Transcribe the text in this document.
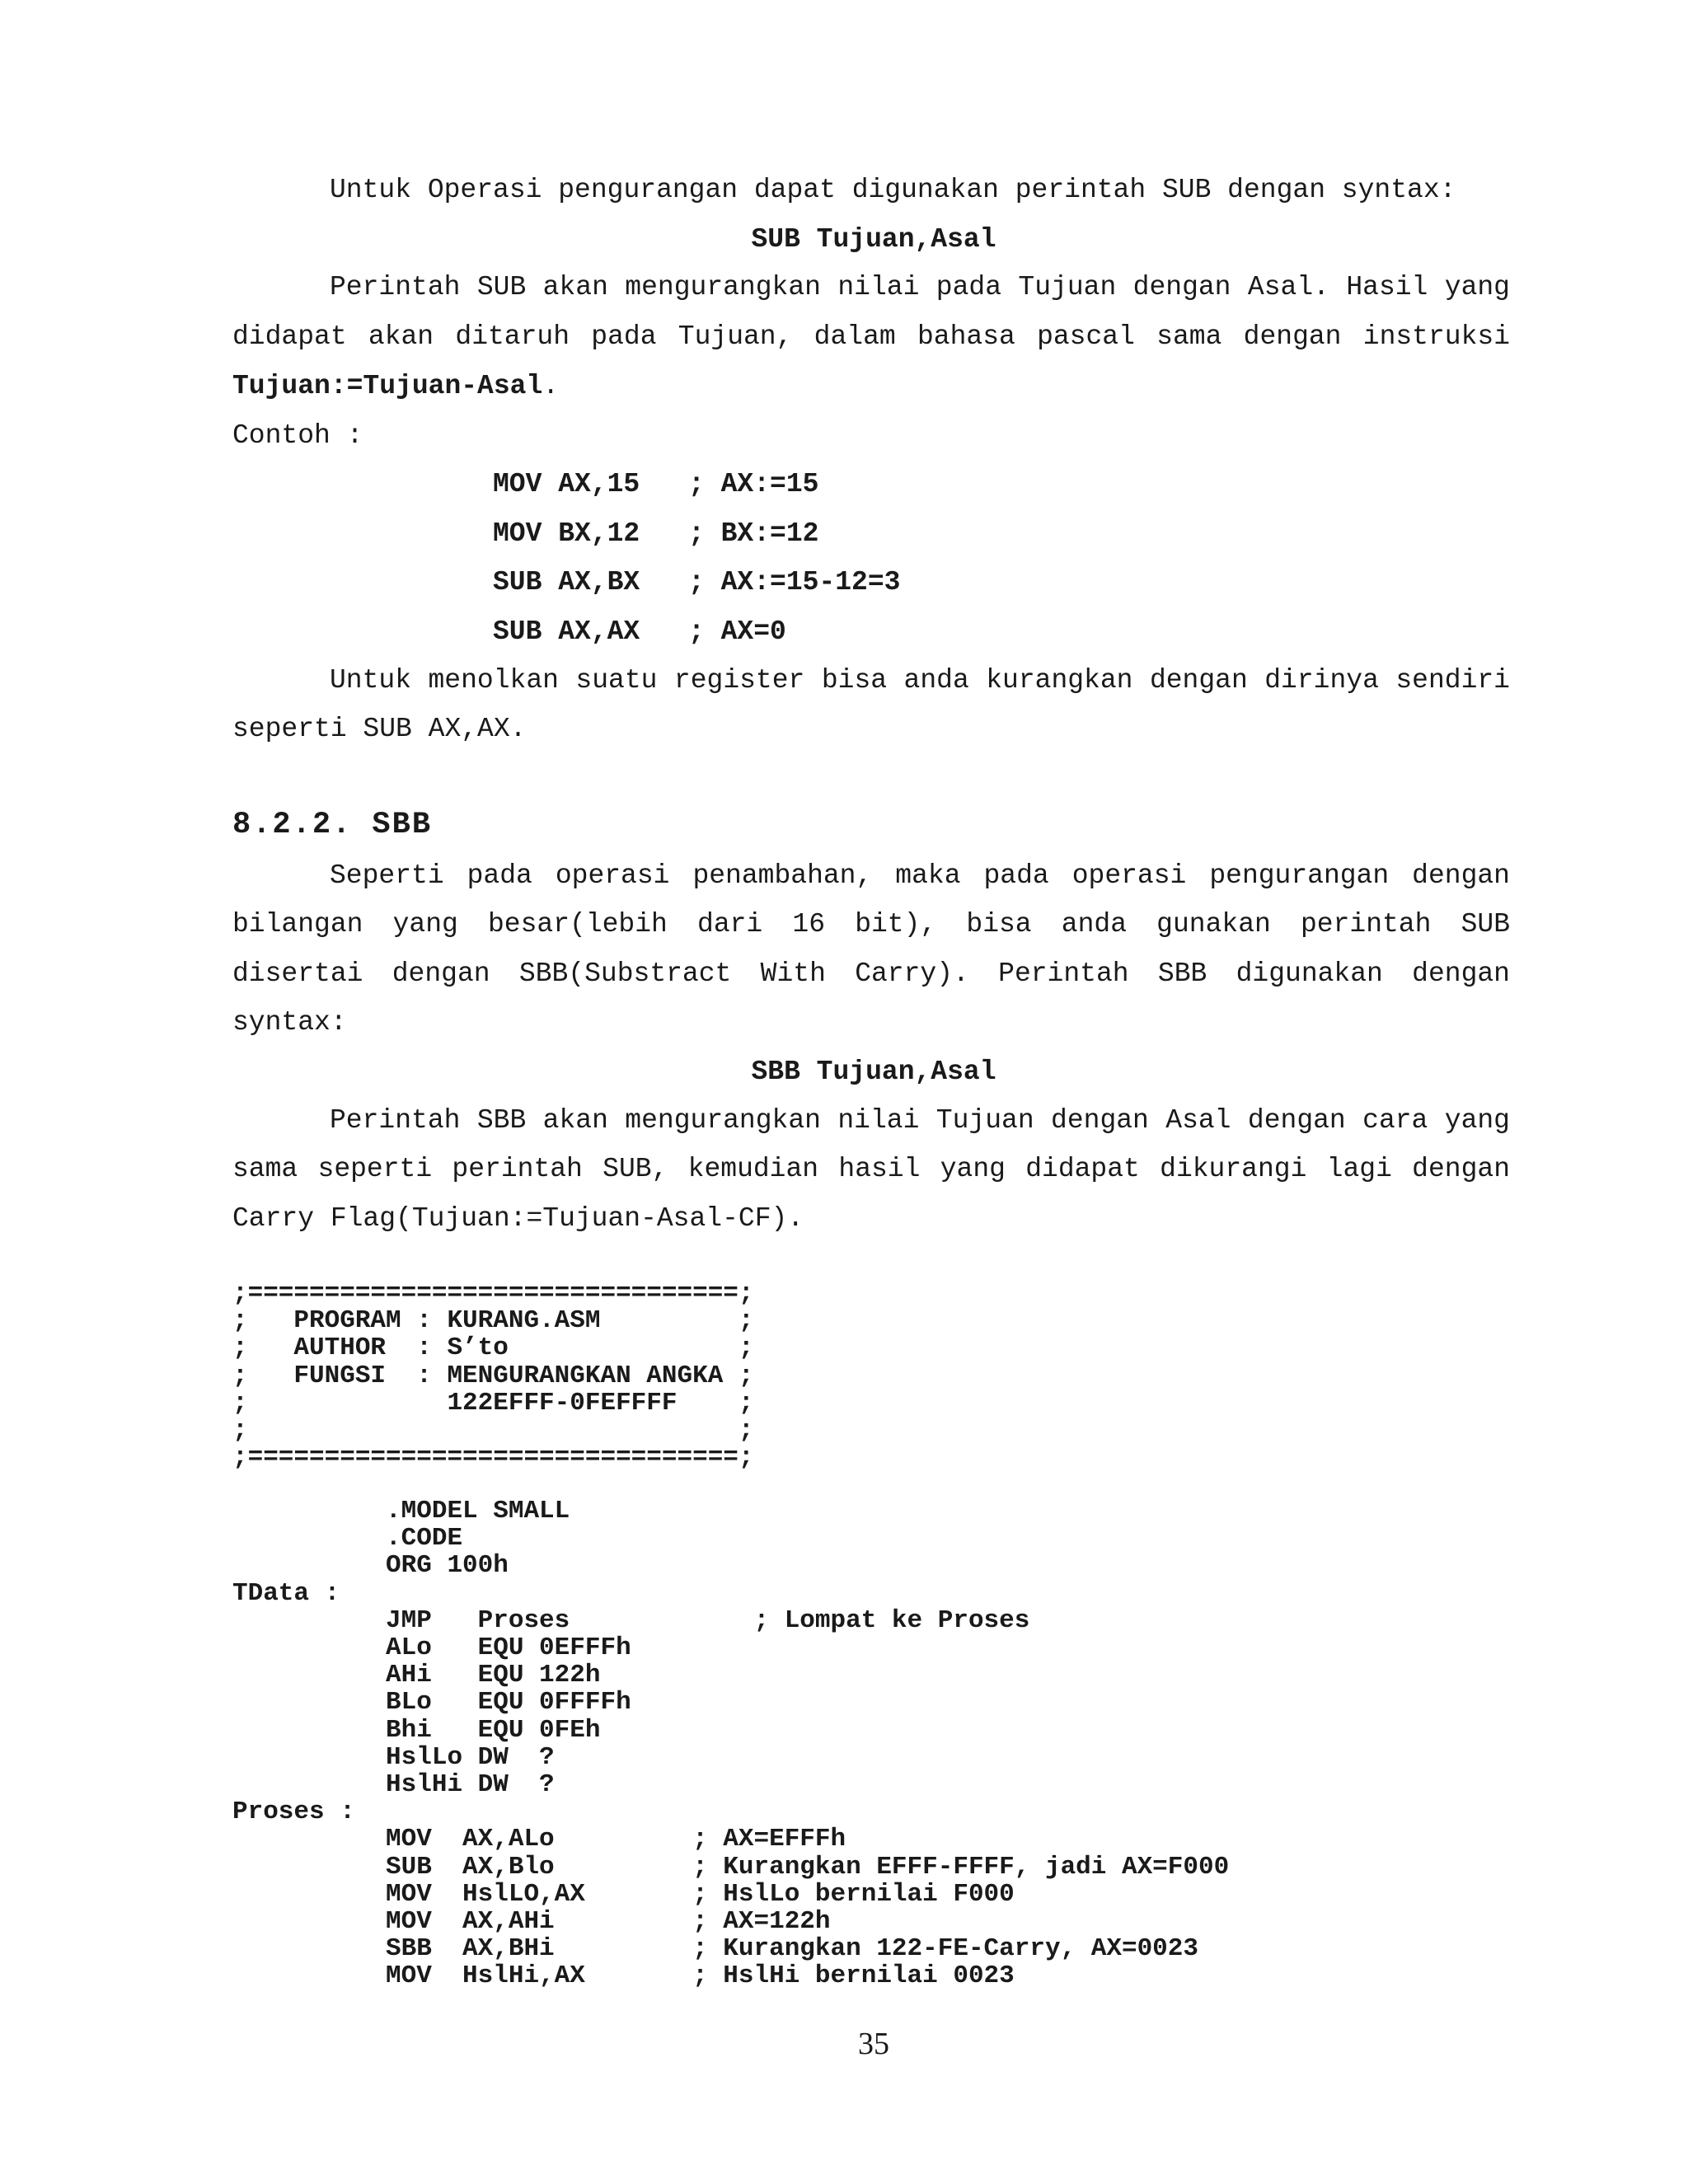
Untuk Operasi pengurangan dapat digunakan perintah SUB dengan syntax:
SUB Tujuan,Asal
Perintah SUB akan mengurangkan nilai pada Tujuan dengan Asal. Hasil yang
didapat akan ditaruh pada Tujuan, dalam bahasa pascal sama dengan instruksi
Tujuan:=Tujuan-Asal.
Contoh :
MOV AX,15 ; AX:=15
MOV BX,12 ; BX:=12
SUB AX,BX ; AX:=15-12=3
SUB AX,AX ; AX=0
Untuk menolkan suatu register bisa anda kurangkan dengan dirinya sendiri
seperti SUB AX,AX.
8.2.2. SBB
Seperti pada operasi penambahan, maka pada operasi pengurangan dengan
bilangan yang besar(lebih dari 16 bit), bisa anda gunakan perintah SUB
disertai dengan SBB(Substract With Carry). Perintah SBB digunakan dengan
syntax:
SBB Tujuan,Asal
Perintah SBB akan mengurangkan nilai Tujuan dengan Asal dengan cara yang
sama seperti perintah SUB, kemudian hasil yang didapat dikurangi lagi dengan
Carry Flag(Tujuan:=Tujuan-Asal-CF).
;================================;
;   PROGRAM : KURANG.ASM         ;
;   AUTHOR  : S’to               ;
;   FUNGSI  : MENGURANGKAN ANGKA ;
;             122EFFF-0FEFFFF    ;
;                                ;
;================================;
.MODEL SMALL
.CODE
ORG 100h
TData :
JMP   Proses            ; Lompat ke Proses
ALo   EQU 0EFFFh
AHi   EQU 122h
BLo   EQU 0FFFFh
Bhi   EQU 0FEh
HslLo DW  ?
HslHi DW  ?
Proses :
MOV  AX,ALo         ; AX=EFFFh
SUB  AX,Blo         ; Kurangkan EFFF-FFFF, jadi AX=F000
MOV  HslLO,AX       ; HslLo bernilai F000
MOV  AX,AHi         ; AX=122h
SBB  AX,BHi         ; Kurangkan 122-FE-Carry, AX=0023
MOV  HslHi,AX       ; HslHi bernilai 0023
35
